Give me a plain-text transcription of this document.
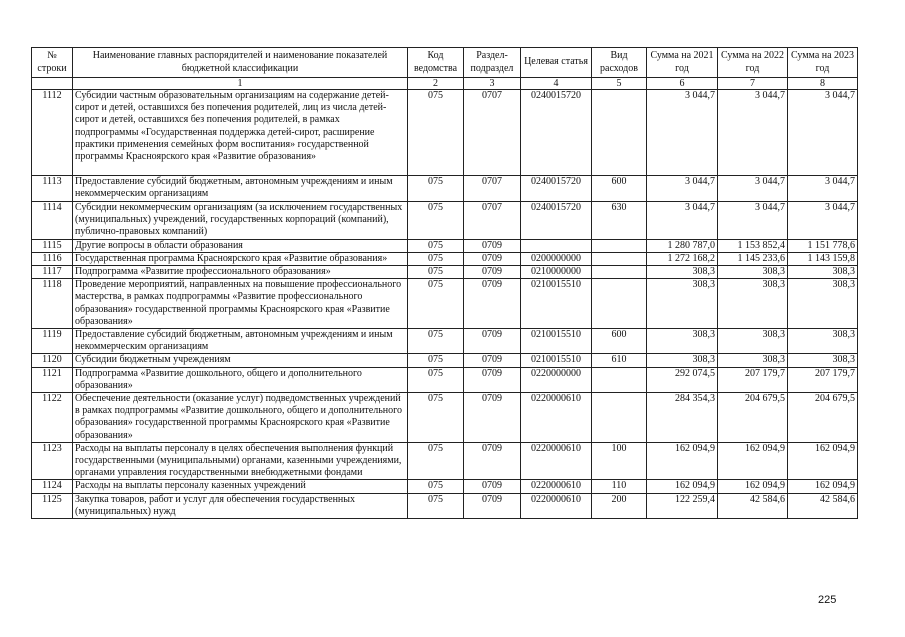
№ строки	Наименование главных распорядителей и наименование показателей бюджетной классификации	Код ведомства	Раздел-подраздел	Целевая статья	Вид расходов	Сумма на 2021 год	Сумма на 2022 год	Сумма на 2023 год
	1	2	3	4	5	6	7	8
1112	Субсидии частным образовательным организациям на содержание детей-сирот и детей, оставшихся без попечения родителей, лиц из числа детей-сирот и детей, оставшихся без попечения родителей, в рамках подпрограммы «Государственная поддержка детей-сирот, расширение практики применения семейных форм воспитания» государственной программы Красноярского края «Развитие образования»	075	0707	0240015720		3 044,7	3 044,7	3 044,7
1113	Предоставление субсидий бюджетным, автономным учреждениям и иным некоммерческим организациям	075	0707	0240015720	600	3 044,7	3 044,7	3 044,7
1114	Субсидии некоммерческим организациям (за исключением государственных (муниципальных) учреждений, государственных корпораций (компаний), публично-правовых компаний)	075	0707	0240015720	630	3 044,7	3 044,7	3 044,7
1115	Другие вопросы в области образования	075	0709			1 280 787,0	1 153 852,4	1 151 778,6
1116	Государственная программа Красноярского края «Развитие образования»	075	0709	0200000000		1 272 168,2	1 145 233,6	1 143 159,8
1117	Подпрограмма «Развитие профессионального образования»	075	0709	0210000000		308,3	308,3	308,3
1118	Проведение мероприятий, направленных на повышение профессионального мастерства, в рамках подпрограммы «Развитие профессионального образования» государственной программы Красноярского края «Развитие образования»	075	0709	0210015510		308,3	308,3	308,3
1119	Предоставление субсидий бюджетным, автономным учреждениям и иным некоммерческим организациям	075	0709	0210015510	600	308,3	308,3	308,3
1120	Субсидии бюджетным учреждениям	075	0709	0210015510	610	308,3	308,3	308,3
1121	Подпрограмма «Развитие дошкольного, общего и дополнительного образования»	075	0709	0220000000		292 074,5	207 179,7	207 179,7
1122	Обеспечение деятельности (оказание услуг) подведомственных учреждений в рамках подпрограммы «Развитие дошкольного, общего и дополнительного образования» государственной программы Красноярского края «Развитие образования»	075	0709	0220000610		284 354,3	204 679,5	204 679,5
1123	Расходы на выплаты персоналу в целях обеспечения выполнения функций государственными (муниципальными) органами, казенными учреждениями, органами управления государственными внебюджетными фондами	075	0709	0220000610	100	162 094,9	162 094,9	162 094,9
1124	Расходы на выплаты персоналу казенных учреждений	075	0709	0220000610	110	162 094,9	162 094,9	162 094,9
1125	Закупка товаров, работ и услуг для обеспечения государственных (муниципальных) нужд	075	0709	0220000610	200	122 259,4	42 584,6	42 584,6
225
